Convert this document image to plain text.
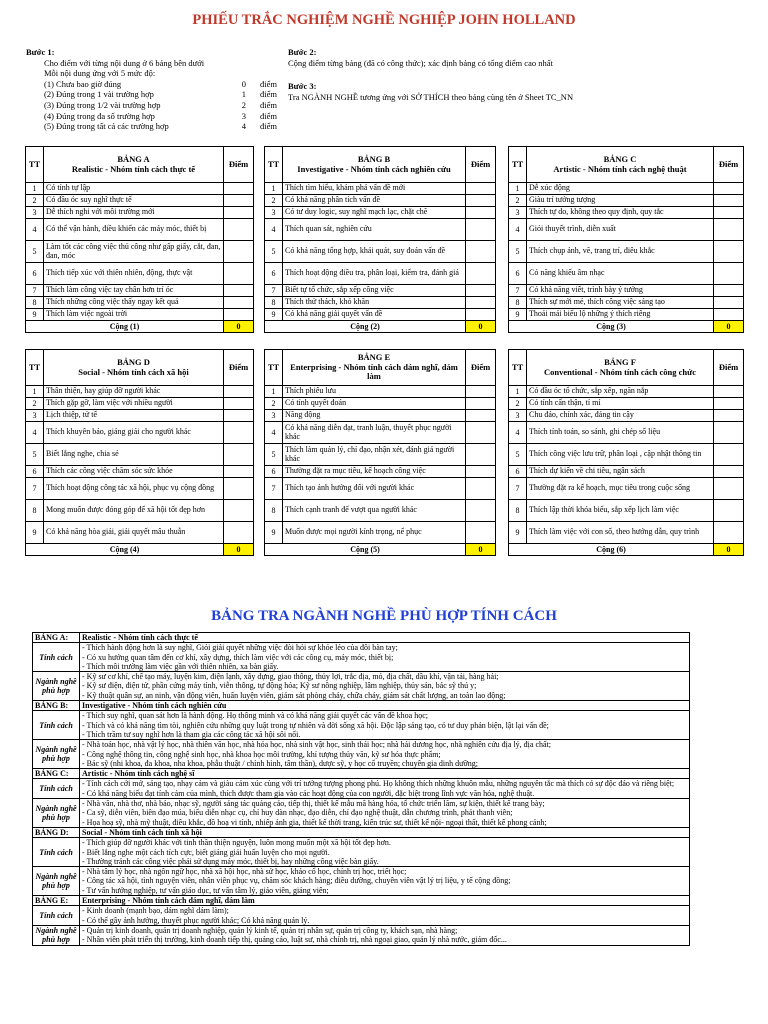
PHIẾU TRẮC NGHIỆM NGHỀ NGHIỆP JOHN HOLLAND
Bước 1:
Cho điểm với từng nội dung ở 6 bảng bên dưới
Mỗi nội dung ứng với 5 mức độ:
(1) Chưa bao giờ đúng	0 điểm
(2) Đúng trong 1 vài trường hợp	1 điểm
(3) Đúng trong 1/2 vài trường hợp	2 điểm
(4) Đúng trong đa số trường hợp	3 điểm
(5) Đúng trong tất cả các trường hợp	4 điểm
Bước 2:
Cộng điểm từng bảng (đã có công thức); xác định bảng có tổng điểm cao nhất
Bước 3:
Tra NGÀNH NGHỀ tương ứng với SỞ THÍCH theo bảng cùng tên ở Sheet TC_NN
TT	BẢNG A
Realistic - Nhóm tính cách thực tế	Điểm
1	Có tính tự lập	
2	Có đầu óc suy nghĩ thực tế	
3	Dễ thích nghi với môi trường mới	
4	Có thể vận hành, điều khiển các máy móc, thiết bị	
5	Làm tốt các công việc thủ công như gấp giấy, cắt, đan, đan, móc	
6	Thích tiếp xúc với thiên nhiên, động, thực vật	
7	Thích làm công việc tay chân hơn trí óc	
8	Thích những công việc thấy ngay kết quả	
9	Thích làm việc ngoài trời	
Cộng (1)		0
TT	BẢNG B
Investigative - Nhóm tính cách nghiên cứu	Điểm
1	Thích tìm hiểu, khám phá vấn đề mới	
2	Có khả năng phân tích vấn đề	
3	Có tư duy logic, suy nghĩ mạch lạc, chặt chẽ	
4	Thích quan sát, nghiên cứu	
5	Có khả năng tổng hợp, khái quát, suy đoán vấn đề	
6	Thích hoạt động điều tra, phân loại, kiểm tra, đánh giá	
7	Biết tự tổ chức, sắp xếp công việc	
8	Thích thử thách, khó khăn	
9	Có khả năng giải quyết vấn đề	
Cộng (2)		0
TT	BẢNG C
Artistic - Nhóm tính cách nghệ thuật	Điểm
1	Dễ xúc động	
2	Giàu trí tưởng tượng	
3	Thích tự do, không theo quy định, quy tắc	
4	Giỏi thuyết trình, diễn xuất	
5	Thích chụp ảnh, vẽ, trang trí, điêu khắc	
6	Có năng khiếu âm nhạc	
7	Có khả năng viết, trình bày ý tưởng	
8	Thích sự mới mẻ, thích công việc sáng tạo	
9	Thoải mái biểu lộ những ý thích riêng	
Cộng (3)		0
TT	BẢNG D
Social - Nhóm tính cách xã hội	Điểm
1	Thân thiện, hay giúp đỡ người khác	
2	Thích gặp gỡ, làm việc với nhiều người	
3	Lịch thiệp, tử tế	
4	Thích khuyên bảo, giảng giải cho người khác	
5	Biết lắng nghe, chia sẻ	
6	Thích các công việc chăm sóc sức khỏe	
7	Thích hoạt động công tác xã hội, phục vụ cộng đồng	
8	Mong muốn được đóng góp để xã hội tốt đẹp hơn	
9	Có khả năng hòa giải, giải quyết mâu thuẫn	
Cộng (4)		0
TT	BẢNG E
Enterprising - Nhóm tính cách dám nghĩ, dám làm	Điểm
1	Thích phiêu lưu	
2	Có tính quyết đoán	
3	Năng động	
4	Có khả năng diễn đạt, tranh luận, thuyết phục người khác	
5	Thích làm quản lý, chỉ đạo, nhận xét, đánh giá người khác	
6	Thường đặt ra mục tiêu, kế hoạch công việc	
7	Thích tạo ảnh hưởng đối với người khác	
8	Thích cạnh tranh để vượt qua người khác	
9	Muốn được mọi người kính trọng, nể phục	
Cộng (5)		0
TT	BẢNG F
Conventional - Nhóm tính cách công chức	Điểm
1	Có đầu óc tổ chức, sắp xếp, ngăn nắp	
2	Có tính cẩn thận, tỉ mỉ	
3	Chu đáo, chính xác, đáng tin cậy	
4	Thích tính toán, so sánh, ghi chép số liệu	
5	Thích công việc lưu trữ, phân loại , cập nhật thông tin	
6	Thích dự kiến về chi tiêu, ngân sách	
7	Thường đặt ra kế hoạch, mục tiêu trong cuộc sống	
8	Thích lập thời khóa biểu, sắp xếp lịch làm việc	
9	Thích làm việc với con số, theo hướng dẫn, quy trình	
Cộng (6)		0
BẢNG TRA NGÀNH NGHỀ PHÙ HỢP TÍNH CÁCH
BẢNG A:	Realistic - Nhóm tính cách thực tế
Tính cách	- Thích hành động hơn là suy nghĩ, Giỏi giải quyết những việc đòi hỏi sự khỏe léo của đôi bàn tay;
- Có xu hướng quan tâm đến cơ khí, xây dựng, thích làm việc với các công cụ, máy móc, thiết bị;
- Thích môi trường làm việc gần với thiên nhiên, xa bàn giấy.

Ngành nghề phù hợp	- Kỹ sư cơ khí, chế tạo máy, luyện kim, điện lạnh, xây dựng, giao thông, thủy lợi, trắc địa, mỏ, địa chất, dầu khí, vận tải, hàng hải;
- Kỹ sư điện, điện tử, phần cứng máy tính, viễn thông, tự động hóa; Kỹ sư nông nghiệp, lâm nghiệp, thủy sản, bác sỹ thú y;
- Kỹ thuật quân sự, an ninh, vận động viên, huấn luyện viên, giám sát phòng cháy, chữa cháy, giám sát chất lượng, an toàn lao động;

BẢNG B:	Investigative - Nhóm tính cách nghiên cứu
Tính cách	- Thích suy nghĩ, quan sát hơn là hành động. Họ thông minh và có khả năng giải quyết các vấn đề khoa học;
- Thích và có khả năng tìm tòi, nghiên cứu những quy luật trong tự nhiên và đời sống xã hội. Độc lập sáng tạo, có tư duy phản biện, lật lại vấn đề;
- Thích trầm tư suy nghĩ hơn là tham gia các công tác xã hội sôi nổi.

Ngành nghề phù hợp	- Nhà toán học, nhà vật lý học, nhà thiên văn học, nhà hóa học, nhà sinh vật học, sinh thái học; nhà hải dương học, nhà nghiên cứu địa lý, địa chất;
- Công nghệ thông tin, công nghệ sinh học, nhà khoa học môi trường, khí tượng thủy văn, kỹ sư hóa thực phẩm;
- Bác sỹ (nhi khoa, đa khoa, nha khoa, phẫu thuật / chỉnh hình, tâm thần), dược sỹ, y học cổ truyền; chuyên gia dinh dưỡng;

BẢNG C:	Artistic - Nhóm tính cách nghệ sĩ
Tính cách	- Tính cách cởi mở, sáng tạo, nhạy cảm và giàu cảm xúc cùng với trí tưởng tượng phong phú. Họ không thích những khuôn mẫu, những nguyên tắc mà thích có sự độc đáo và riêng biệt;
- Có khả năng biểu đạt tính cảm của mình, thích được tham gia vào các hoạt động của con người, đặc biệt trong lĩnh vực văn hóa, nghệ thuật.

Ngành nghề phù hợp	- Nhà văn, nhà thơ, nhà báo, nhạc sỹ, người sáng tác quảng cáo, tiếp thị, thiết kế mẫu mã hàng hóa, tổ chức triển lãm, sự kiện, thiết kế trang bày;
- Ca sỹ, diễn viên, biên đạo múa, biểu diễn nhạc cụ, chỉ huy dàn nhạc, đạo diễn, chỉ đạo nghệ thuật, dẫn chương trình, phát thanh viên;
- Họa hoạ sỹ, nhà mỹ thuật, điêu khắc, đồ hoạ vi tính, nhiếp ảnh gia, thiết kế thời trang, kiến trúc sư, thiết kế nội- ngoại thất, thiết kế phong cảnh;

BẢNG D:	Social - Nhóm tính cách tính xã hội
Tính cách	- Thích giúp đỡ người khác với tinh thần thiện nguyện, luôn mong muốn một xã hội tốt đẹp hơn.
- Biết lắng nghe một cách tích cực, biết giảng giải huấn luyện cho mọi người.
- Thường tránh các công việc phải sử dụng máy móc, thiết bị, hay những công việc bàn giấy.

Ngành nghề phù hợp	- Nhà tâm lý học, nhà ngôn ngữ học, nhà xã hội học, nhà sử học, khảo cổ học, chính trị học, triết học;
- Công tác xã hội, tình nguyện viên, nhân viên phục vụ, chăm sóc khách hàng; điều dưỡng, chuyên viên vật lý trị liệu, y tế cộng đồng;
- Tư vấn hướng nghiệp, tư vấn giáo dục, tư vấn tâm lý, giáo viên, giảng viên;

BẢNG E:	Enterprising - Nhóm tính cách dám nghĩ, dám làm
Tính cách	- Kinh doanh (mạnh bạo, dám nghĩ dám làm);
- Có thể gây ảnh hưởng, thuyết phục người khác; Có khả năng quản lý.

Ngành nghề phù hợp	- Quản trị kinh doanh, quản trị doanh nghiệp, quản lý kinh tế, quản trị nhân sự, quản trị công ty, khách sạn, nhà hàng;
- Nhân viên phát triển thị trường, kinh doanh tiếp thị, quảng cáo, luật sư, nhà chính trị, nhà ngoại giao, quản lý nhà nước, giám đốc...
